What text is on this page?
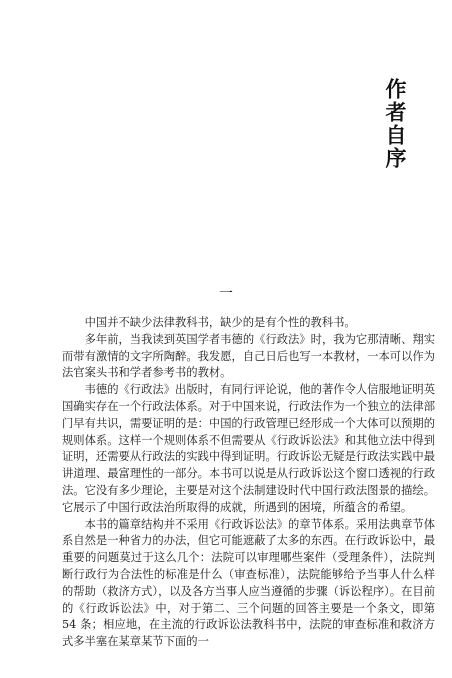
作者自序
一

中国并不缺少法律教科书，缺少的是有个性的教科书。

多年前，当我读到英国学者韦德的《行政法》时，我为它那清晰、翔实而带有激情的文字所陶醉。我发愿，自己日后也写一本教材，一本可以作为法官案头书和学者参考书的教材。

韦德的《行政法》出版时，有同行评论说，他的著作令人信服地证明英国确实存在一个行政法体系。对于中国来说，行政法作为一个独立的法律部门早有共识，需要证明的是：中国的行政管理已经形成一个大体可以预期的规则体系。这样一个规则体系不但需要从《行政诉讼法》和其他立法中得到证明，还需要从行政法的实践中得到证明。行政诉讼无疑是行政法实践中最讲道理、最富理性的一部分。本书可以说是从行政诉讼这个窗口透视的行政法。它没有多少理论，主要是对这个法制建设时代中国行政法图景的描绘。它展示了中国行政法治所取得的成就，所遇到的困境，所蕴含的希望。

本书的篇章结构并不采用《行政诉讼法》的章节体系。采用法典章节体系自然是一种省力的办法，但它可能遮蔽了太多的东西。在行政诉讼中，最重要的问题莫过于这么几个：法院可以审理哪些案件（受理条件），法院判断行政行为合法性的标准是什么（审查标准），法院能够给予当事人什么样的帮助（救济方式），以及各方当事人应当遵循的步骤（诉讼程序）。在目前的《行政诉讼法》中，对于第二、三个问题的回答主要是一个条文，即第 54 条；相应地，在主流的行政诉讼法教科书中，法院的审查标准和救济方式多半塞在某章某节下面的一
